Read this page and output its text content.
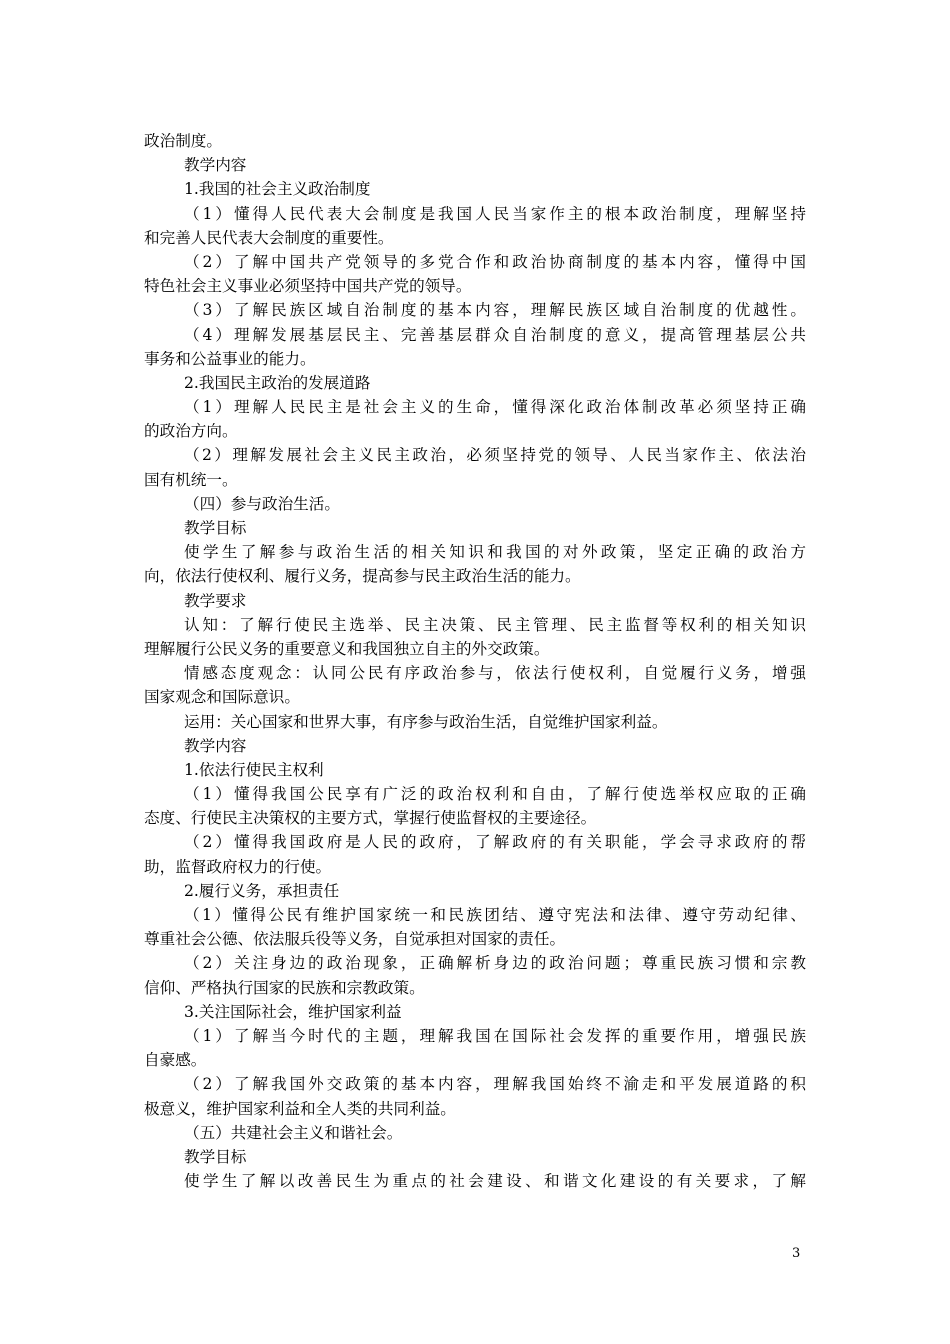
政治制度。
教学内容
1.我国的社会主义政治制度
（1）懂得人民代表大会制度是我国人民当家作主的根本政治制度，理解坚持
和完善人民代表大会制度的重要性。
（2）了解中国共产党领导的多党合作和政治协商制度的基本内容，懂得中国
特色社会主义事业必须坚持中国共产党的领导。
（3）了解民族区域自治制度的基本内容，理解民族区域自治制度的优越性。
（4）理解发展基层民主、完善基层群众自治制度的意义，提高管理基层公共
事务和公益事业的能力。
2.我国民主政治的发展道路
（1）理解人民民主是社会主义的生命，懂得深化政治体制改革必须坚持正确
的政治方向。
（2）理解发展社会主义民主政治，必须坚持党的领导、人民当家作主、依法治
国有机统一。
（四）参与政治生活。
教学目标
使学生了解参与政治生活的相关知识和我国的对外政策，坚定正确的政治方
向，依法行使权利、履行义务，提高参与民主政治生活的能力。
教学要求
认知：了解行使民主选举、民主决策、民主管理、民主监督等权利的相关知识
理解履行公民义务的重要意义和我国独立自主的外交政策。
情感态度观念：认同公民有序政治参与，依法行使权利，自觉履行义务，增强
国家观念和国际意识。
运用：关心国家和世界大事，有序参与政治生活，自觉维护国家利益。
教学内容
1.依法行使民主权利
（1）懂得我国公民享有广泛的政治权利和自由，了解行使选举权应取的正确
态度、行使民主决策权的主要方式，掌握行使监督权的主要途径。
（2）懂得我国政府是人民的政府，了解政府的有关职能，学会寻求政府的帮
助，监督政府权力的行使。
2.履行义务，承担责任
（1）懂得公民有维护国家统一和民族团结、遵守宪法和法律、遵守劳动纪律、
尊重社会公德、依法服兵役等义务，自觉承担对国家的责任。
（2）关注身边的政治现象，正确解析身边的政治问题；尊重民族习惯和宗教
信仰、严格执行国家的民族和宗教政策。
3.关注国际社会，维护国家利益
（1）了解当今时代的主题，理解我国在国际社会发挥的重要作用，增强民族
自豪感。
（2）了解我国外交政策的基本内容，理解我国始终不渝走和平发展道路的积
极意义，维护国家利益和全人类的共同利益。
（五）共建社会主义和谐社会。
教学目标
使学生了解以改善民生为重点的社会建设、和谐文化建设的有关要求，了解
3
